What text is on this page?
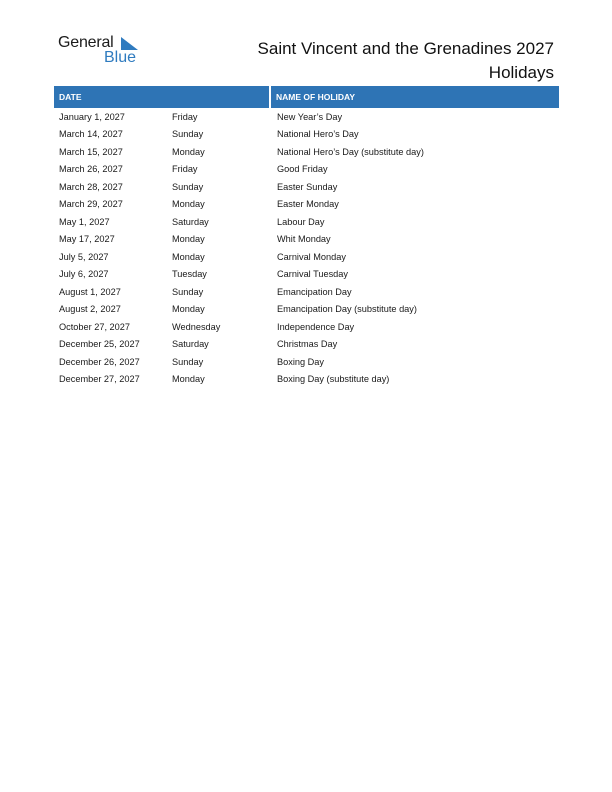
General
Blue	Saint Vincent and the Grenadines 2027
Holidays
DATE		NAME OF HOLIDAY
January 1, 2027	Friday	New Year’s Day
March 14, 2027	Sunday	National Hero’s Day
March 15, 2027	Monday	National Hero’s Day (substitute day)
March 26, 2027	Friday	Good Friday
March 28, 2027	Sunday	Easter Sunday
March 29, 2027	Monday	Easter Monday
May 1, 2027	Saturday	Labour Day
May 17, 2027	Monday	Whit Monday
July 5, 2027	Monday	Carnival Monday
July 6, 2027	Tuesday	Carnival Tuesday
August 1, 2027	Sunday	Emancipation Day
August 2, 2027	Monday	Emancipation Day (substitute day)
October 27, 2027	Wednesday	Independence Day
December 25, 2027	Saturday	Christmas Day
December 26, 2027	Sunday	Boxing Day
December 27, 2027	Monday	Boxing Day (substitute day)
